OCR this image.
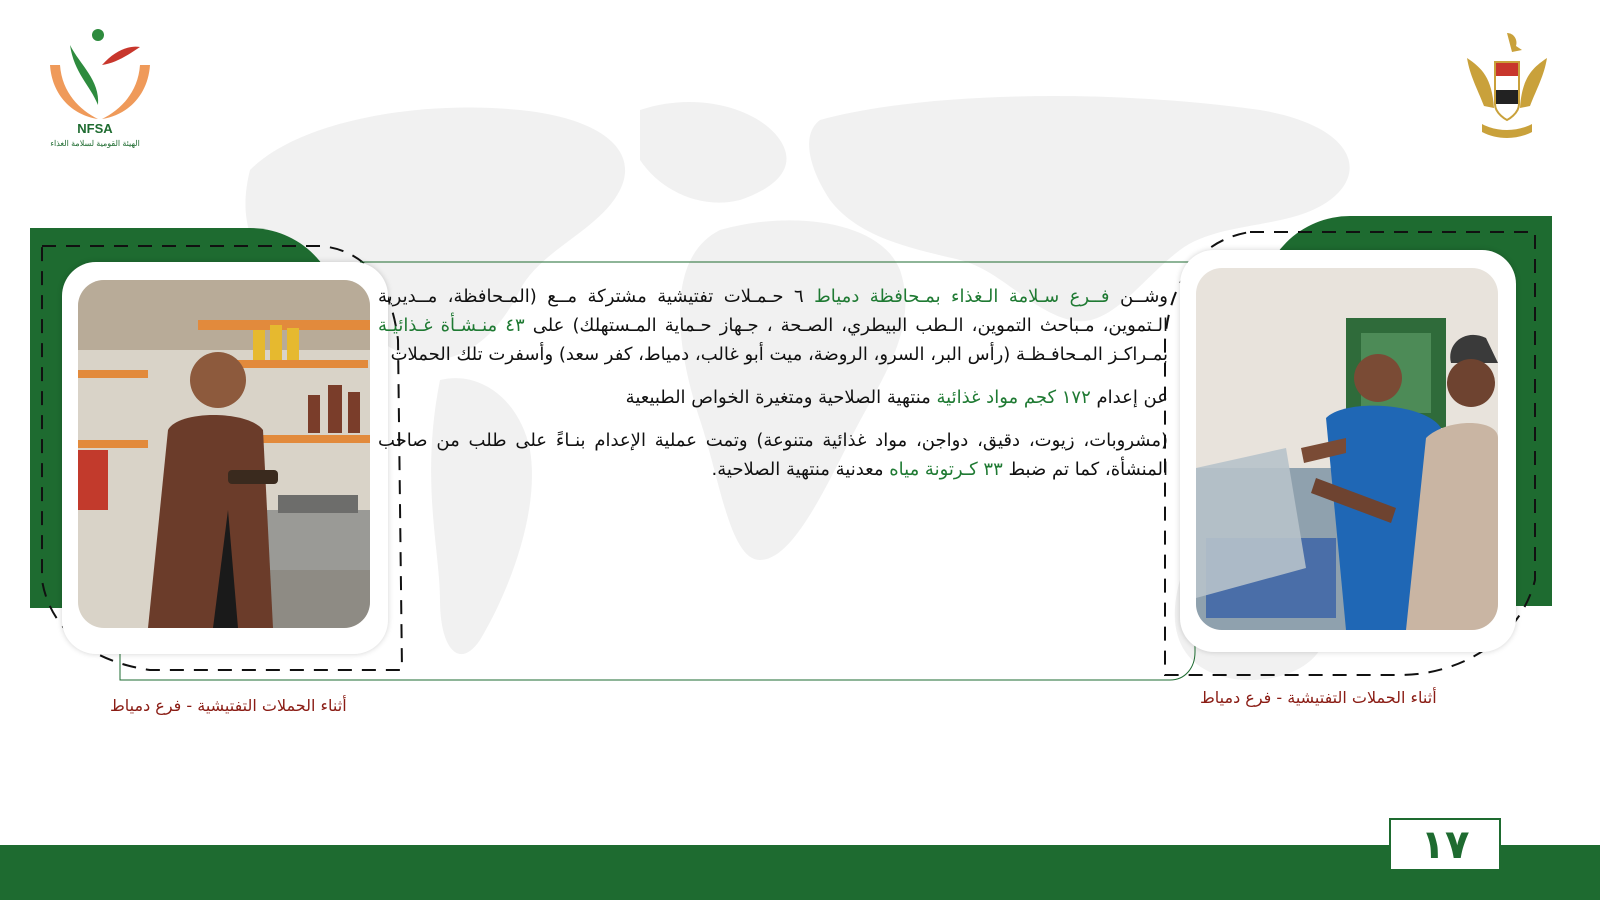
NFSA
الهيئة القومية لسلامة الغذاء

وشــن فــرع سـلامة الـغذاء بمـحافظة دمياط ٦ حـمـلات تفتيشية مشتركة مــع (المـحافظة، مــديرية الـتموين، مـباحث التموين، الـطب البيطري، الصـحة ، جـهاز حـماية المـستهلك) على ٤٣ منـشـأة غـذائيـة بمـراكـز المـحافـظـة (رأس البر، السرو، الروضة، ميت أبو غالب، دمياط، كفر سعد) وأسفرت تلك الحملات

عن إعدام ١٧٢ كجم مواد غذائية منتهية الصلاحية ومتغيرة الخواص الطبيعية

(مشروبات، زيوت، دقيق، دواجن، مواد غذائية متنوعة) وتمت عملية الإعدام بنـاءً على طلب من صاحب المنشأة، كما تم ضبط ٣٣ كـرتونة مياه معدنية منتهية الصلاحية.

أثناء الحملات التفتيشية - فرع دمياط	أثناء الحملات التفتيشية - فرع دمياط
١٧
